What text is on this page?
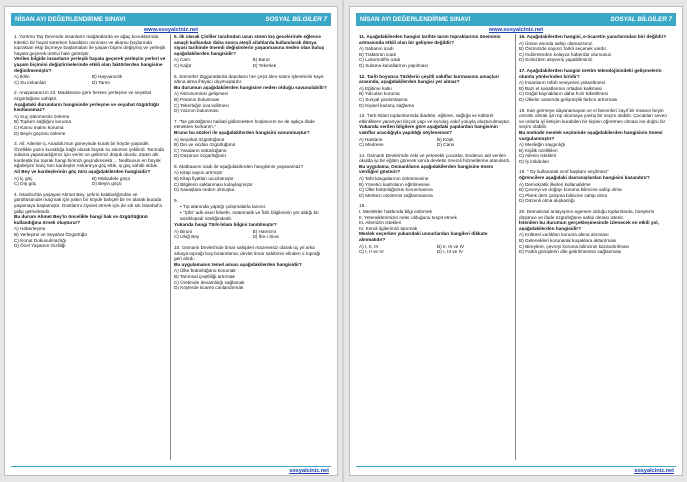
NİSAN AYI DEĞERLENDİRME SINAVI	SOSYAL BİLGİLER 7
www.sosyalciniz.net
1. Yontma Taş Devrinde insanların mağaralarda ve ağaç kovuklarında tüketici bir hayat sürerken havaların ısınması ve akarsu boylarında topraktan ekip biçmeye başlamaları ile yaşam biçimi değişmiş ve yerleşik hayata geçerek üretici hale gelmiştir.
Verilen bilgide insanların yerleşik hayata geçerek yerleşim yerleri ve yaşam biçimini değiştirmelerinde etkili olan faktörlerden hangisine değinilmemiştir?
A) İklim	B) Hayvancılık
C) Su imkanları	D) Tarım
2. Anayasamızın 23. Maddesine göre herkes yerleşme ve seyahat özgürlüğüne sahiptir.
Aşağıdaki durumların hangisinde yerleşme ve seyahat özgürlüğü kısıtlanamaz?
A) Suç işlenmesini önleme
B) Toplum sağlığını koruma
C) Kamu malını koruma
D) Beyin göçünü önleme
3. Ali: Ailemle iç Anadolu'nun güneyinde kurak bir köyde yaşardık. Özellikle yazın kuraklığa bağlı olarak büyük su sıkıntısı çekilirdi. Tarımda sulama yapamadığımız için verim ve gelirimiz düşük olurdu. Zaten altı kardeştik bu toprak hangi birimizi geçindirecekti.... Nedbunun en büyük ağabeyim hariç tüm kardeşler Ankara'ya göç ettik, iş güç sahibi olduk.
Ali Bey ve kardeşlerinin göç türü aşağıdakilerden hangisidir?
A) İç göç	B) Mübadele göçü
C) Dış göç	D) Beyin göçü
4. İstanbul'da yaşayan Ahmet Bey, şehrin kalabalığından ve gürültüsünden kaçmak için yakın bir köyde bahçeli bir ev alarak burada yaşamaya başlamıştır. Dostlarını ziyaret etmek için de sık sık İstanbul'a gidip gelmektedir.
Bu durum Ahmet Bey'in öncelikle hangi hak ve özgürlüğünü kullandığına örnek oluşturur?
A) Haberleşme
B) Yerleşme ve Seyahat Özgürlüğü
C) Konut Dokunulmazlığı
D) Özel Yaşamın Gizliliği
5. ilk olarak Çinliler tarafından uzun süren kış gecelerinde eğlence amaçlı kullanılan daha sonra ateşli silahlarda kullanılarak dünya siyasi tarihinde önemli değişimlerin yaşanmasına neden olan buluş aşağıdakilerden hangisidir?
A) Cam	B) Barut
C) Kağıt	D) Tekerlek
6. Sümerler Zigguratlarda depoların her çeşit alım-satım işlemlerini kayıt altına alma ihtiyacı duymuşlardır.
Bu durumun aşağıdakilerden hangisine neden olduğu savunulabilir?
A) Astronominin gelişmesi
B) Paranın bulunması
C) Tekerleğin icat edilmesi
D) Yazının bulunması
7. "Ne gördüğümü haikati gidlemekten hoşlanırım ne de apkça ifade etmekten korkarım."
Bruno bu sözleri ile aşağıdakilerden hangisini savunmuştur?
A) Seyahat özgürlüğünü
B) Din ve vicdan özgürlüğünü
C) Yasaların üstünlüğünü
D) Düşünce özgürlüğünü
8. Matbaanın icadı ile aşağıdakilerden hangisinin yaşanamaz?
A) Kitap sayısı artmıştır
B) Kitap fiyatları ucuzlamıştır
C) Bilgilerin saklanması kolaylaşmıştır
D) Savaşlara neden olmuştur.
9.
• Tıp alanında yaptığı çalışmalarla tanınır.
• "Şifa" adlı eseri felsefe, matematik ve fizik bilgilerinin yer aldığı bir ansiklopedi niteliğindedir.
Yukarıda hangi Türk-İslam bilgini tanıtılmıştır?
A) Biruni	B) Harezmi
C) Uluğ Bey	D) İbn-i Sina
10. Osmanlı Devleti'nde timar sahipleri mazeretsiz olarak üç yıl arka arkaya toprağı boş bırakırlarsa; devlet timar sahibinin elinden o toprağı geri alırdı.
Bu uygulamanın temel amacı aşağıdakilerden hangisidir?
A) Ülke bütünlüğünü korumak
B) Tarımsal çeşitliliği artırmak
C) Üretimde devamlılığı sağlamak
D) Köylerde ticareti canlandırmak
sosyalciniz.net
NİSAN AYI DEĞERLENDİRME SINAVI	SOSYAL BİLGİLER 7
www.sosyalciniz.net
11. Aşağıdakilerden hangisi tarihte tarım topraklarının öneminin artmasında etkili olan bir gelişme değildir?
A) Sabanın icadı
B) Traktörün icadı
C) Lokomotifin icadı
D) Sulama kanallarının yapılması
12. Tarih boyunca Türklerin çeşitli vakıflar kurmasının amaçları arasında, aşağıdakilerden hangisi yer almaz?
A) Eğitime katkı
B) Yolcuları koruma
C) Sosyal yardımlaşma
D) Kişisel kazanç sağlama
13. Türk-İslam toplumlarında ibadete, eğitime, sağlığa ve kültürel etkinliklere yararıyan birçok yapı ve kuruluş vakıf yoluyla oluşturulmuştur.
Yukarıda verilen bilgilere göre aşağıdaki yapılardan hangisinin vakıflar aracılığıyla yapıldığı söylenemez?
A) Hastane	B) Köşk
C) Medrese	D) Cami
14. Osmanlı Devleti'nde zeki ve yetenekli çocuklar, Enderun adı verilen okulda iyi bir eğitim görerek sonra devletin önemli hizmetlerine atanılardı.
Bu uygulama, Osmanlıların aşağıdakilerden hangisine önem verdiğini gösterir?
A) Taht kavgalarının önlenmesine
B) Yönetici kadroların eğitilmesine
C) Ülke bütünlüğünün korunmasına
D) Merkezi otoritenin sağlanmasına
15.
I. Meslekler hakkında bilgi edinmek
II. Yeteneklerimizin neler olduğunu tespit etmek
III. Ailemizin istekleri
IV. Kendi ilgilerimizi tanımak
Meslek seçerken yukarıdaki unsurlardan hangileri dikkate alınmalıdır?
A) I, II, III	B) II, III ve IV
C) I, II ve IV	D) I, III ve IV
16. Aşağıdakilerden hangisi, e-ticaretin yararlarından biri değildir?
A) Ürüne anında sahip olamazsınız.
B) Önünüzde sayısız farklı seçenek vardır.
C) İndirimlerden kolayca haberdar olursunuz.
D) Evinizden alışveriş yapabilirsiniz.
17. Aşağıdakilerden hangisi üretim teknolojisindeki gelişmelerin olumlu yönlerinden biridir?
A) İnsanların refah seviyesini yükseltmesi
B) Bazı el sanatlarının ortadan kalkması
C) Doğal kaynakların daha hızlı tüketilmesi
D) Ülkeler arasında gelişmişlik farkını arttırması
18. Kan görmeye dayanamayan ve el becerileri zayıf bir insanın beyin cerrahı olmak için tıp okumaya yanlış bir seçim olabilir. Çocukları seven ve onlarla iyi iletişim kurabilen bir kişinin öğretmen olması ise doğru bir seçim olabilir.
Bu metinde meslek seçiminde aşağıdakilerden hangisinin önemi vurgulanmıştır?
A) Mesleğin saygınlığı
B) Kişilik özellikleri
C) Ailenin istekleri
D) İş imkânları
19. " Oy kullanarak sınıf başkanı seçilmesi"
öğrencilere aşağıdaki davranışlardan hangisini kazandırır?
A) Demokratik ilkeleri kullanabilme
B) Çevreyi ve doğayı koruma bilincine sahip olma
C) Plank ders çalışma bilincine sahip olma
D) Düzenli olma alışkanlığı
20. Demokrasi anlayışının egemen olduğu toplumlarda, bireylerin düşünce ve ifade özgürlüğüne sahip olması istenir.
İstenilen bu durumun gerçekleşmesinde izlenecek en etkili yol, aşağıdakilerden hangisidir?
A) Kültürel varlıkları koruma altına alınması
B) Gelenekleri korunarak kuşaklara aktarılması
C) Bireylere, çevreyi koruma bilincinin kazandırılması
D) Farklı görüşlerin dile getirilmesinin sağlanması
sosyalciniz.net
